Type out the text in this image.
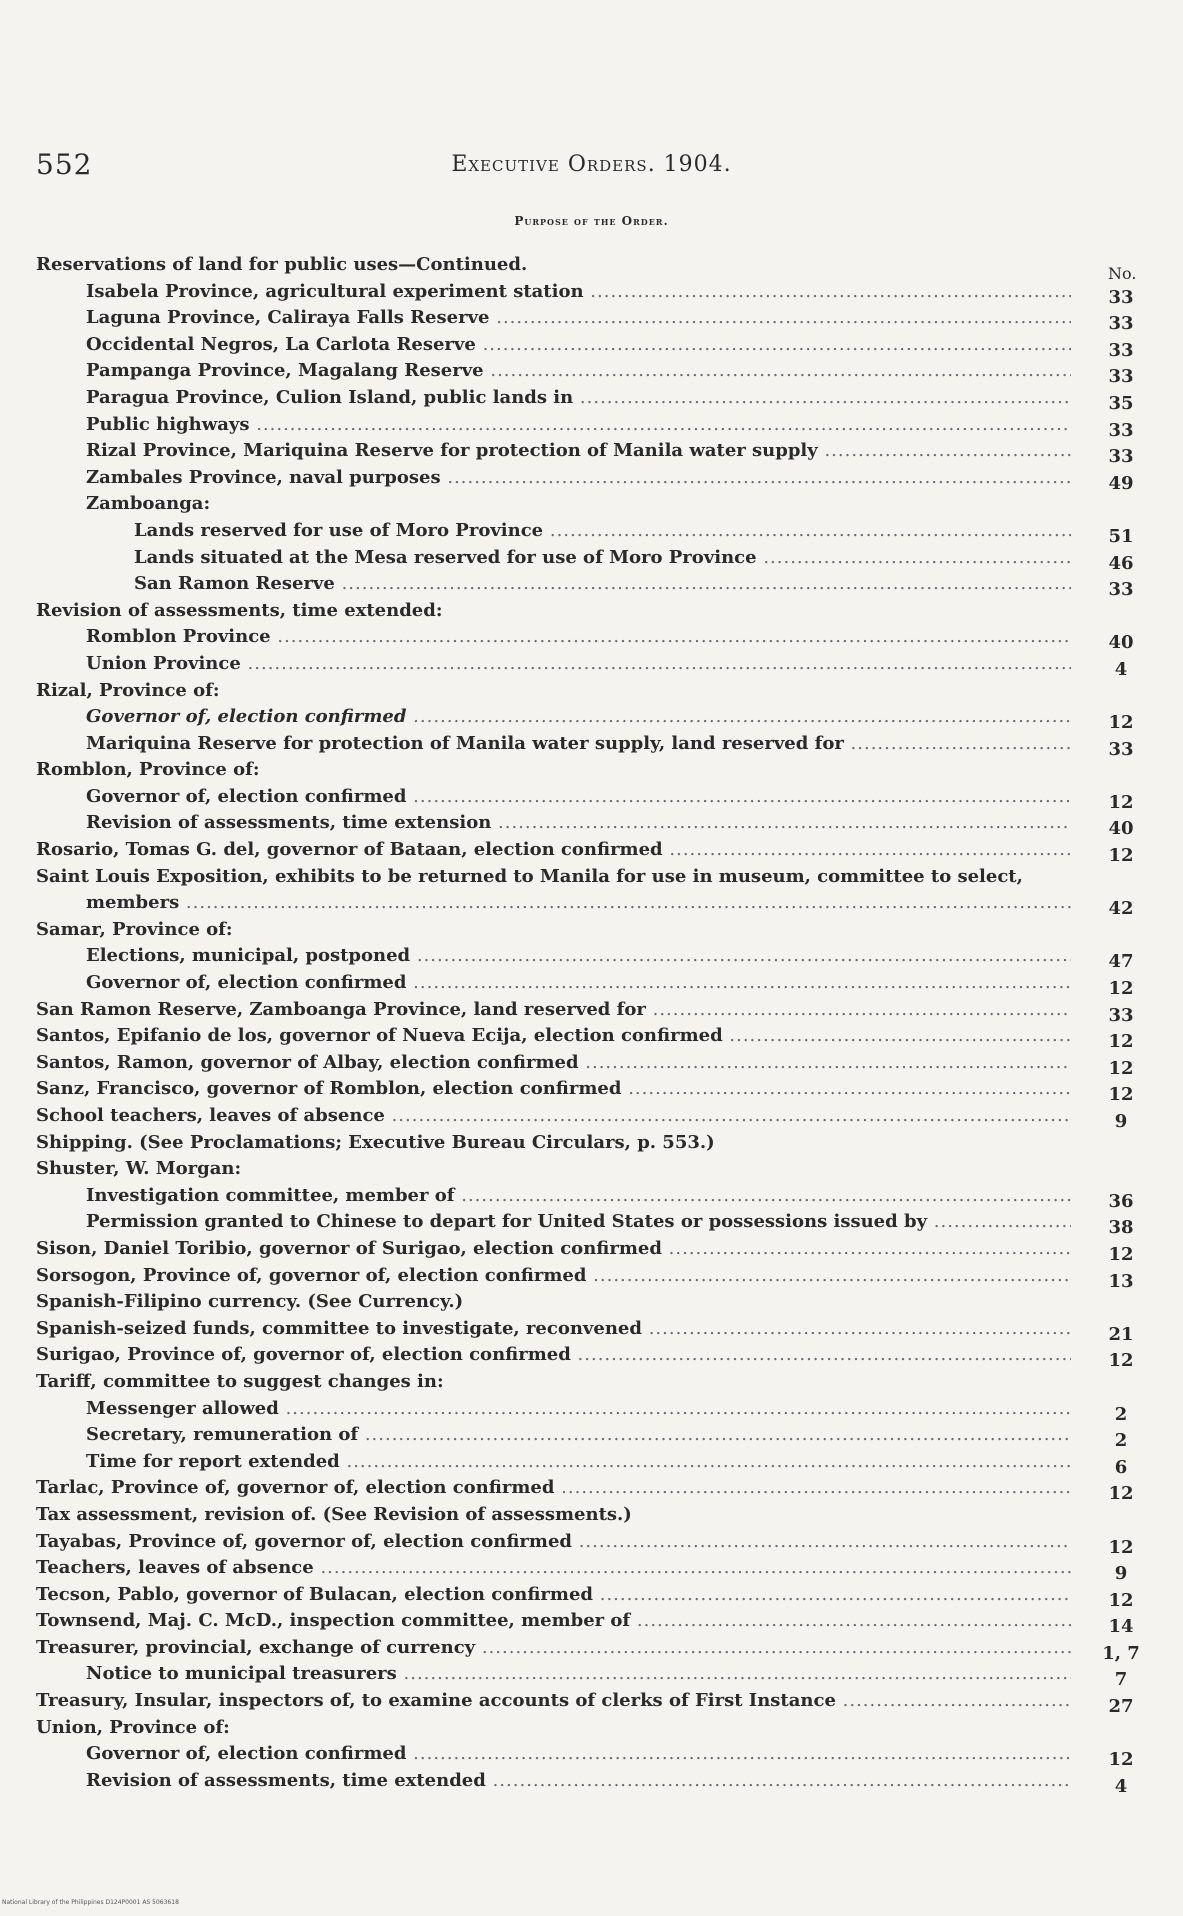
552	Executive Orders. 1904.
Purpose of the Order.
No.
Reservations of land for public uses—Continued.
Isabela Province, agricultural experiment station .....	33
Laguna Province, Caliraya Falls Reserve .....	33
Occidental Negros, La Carlota Reserve .....	33
Pampanga Province, Magalang Reserve .....	33
Paragua Province, Culion Island, public lands in .....	35
Public highways .....	33
Rizal Province, Mariquina Reserve for protection of Manila water supply .....	33
Zambales Province, naval purposes .....	49
Zamboanga:
Lands reserved for use of Moro Province .....	51
Lands situated at the Mesa reserved for use of Moro Province .....	46
San Ramon Reserve .....	33
Revision of assessments, time extended:
Romblon Province .....	40
Union Province .....	4
Rizal, Province of:
Governor of, election confirmed .....	12
Mariquina Reserve for protection of Manila water supply, land reserved for .....	33
Romblon, Province of:
Governor of, election confirmed .....	12
Revision of assessments, time extension .....	40
Rosario, Tomas G. del, governor of Bataan, election confirmed .....	12
Saint Louis Exposition, exhibits to be returned to Manila for use in museum, committee to select,
members .....	42
Samar, Province of:
Elections, municipal, postponed .....	47
Governor of, election confirmed .....	12
San Ramon Reserve, Zamboanga Province, land reserved for .....	33
Santos, Epifanio de los, governor of Nueva Ecija, election confirmed .....	12
Santos, Ramon, governor of Albay, election confirmed .....	12
Sanz, Francisco, governor of Romblon, election confirmed .....	12
School teachers, leaves of absence .....	9
Shipping. (See Proclamations; Executive Bureau Circulars, p. 553.)
Shuster, W. Morgan:
Investigation committee, member of .....	36
Permission granted to Chinese to depart for United States or possessions issued by .....	38
Sison, Daniel Toribio, governor of Surigao, election confirmed .....	12
Sorsogon, Province of, governor of, election confirmed .....	13
Spanish-Filipino currency. (See Currency.)
Spanish-seized funds, committee to investigate, reconvened .....	21
Surigao, Province of, governor of, election confirmed .....	12
Tariff, committee to suggest changes in:
Messenger allowed .....	2
Secretary, remuneration of .....	2
Time for report extended .....	6
Tarlac, Province of, governor of, election confirmed .....	12
Tax assessment, revision of. (See Revision of assessments.)
Tayabas, Province of, governor of, election confirmed .....	12
Teachers, leaves of absence .....	9
Tecson, Pablo, governor of Bulacan, election confirmed .....	12
Townsend, Maj. C. McD., inspection committee, member of .....	14
Treasurer, provincial, exchange of currency .....	1, 7
Notice to municipal treasurers .....	7
Treasury, Insular, inspectors of, to examine accounts of clerks of First Instance .....	27
Union, Province of:
Governor of, election confirmed .....	12
Revision of assessments, time extended .....	4
National Library of the Philippines D124P0001 AS 5063618
